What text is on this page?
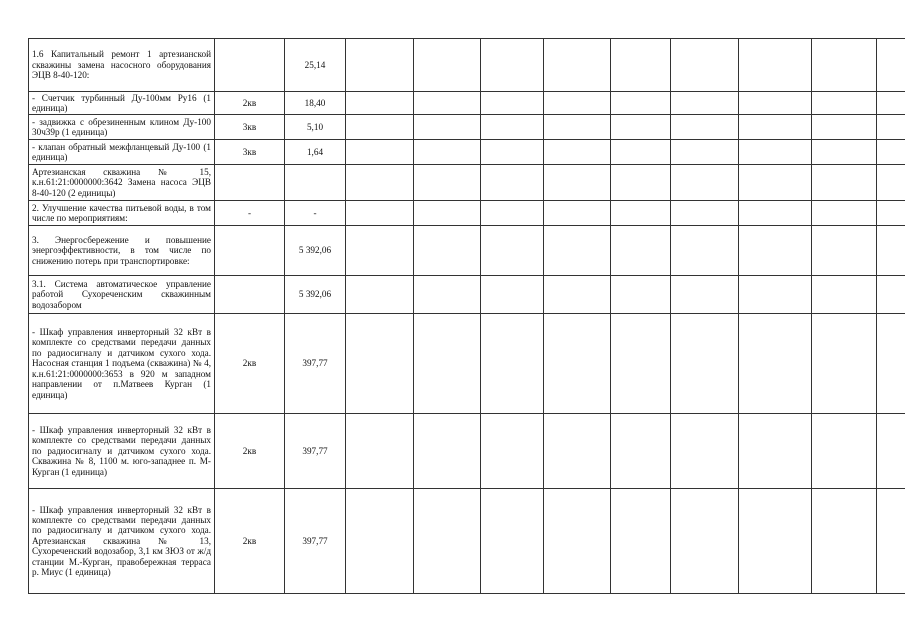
1.6 Капитальный ремонт 1 артезианской скважины замена насосного оборудования ЭЦВ 8-40-120:		25,14									
- Счетчик турбинный Ду-100мм Ру16 (1 единица)	2кв	18,40									
- задвижка с обрезиненным клином Ду-100 30ч39р (1 единица)	3кв	5,10									
- клапан обратный межфланцевый Ду-100 (1 единица)	3кв	1,64									
Артезианская скважина № 15, к.н.61:21:0000000:3642 Замена насоса ЭЦВ 8-40-120 (2 единицы)											
2. Улучшение качества питьевой воды, в том числе по мероприятиям:	-	-									
3. Энергосбережение и повышение энергоэффективности, в том числе по снижению потерь при транспортировке:		5 392,06									
3.1. Система автоматическое управление работой Сухореченским скважинным водозабором		5 392,06									
- Шкаф управления инверторный 32 кВт в комплекте со средствами передачи данных по радиосигналу и датчиком сухого хода. Насосная станция 1 подъема (скважина) № 4, к.н.61:21:0000000:3653 в 920 м западном направлении от п.Матвеев Курган (1 единица)	2кв	397,77									
- Шкаф управления инверторный 32 кВт в комплекте со средствами передачи данных по радиосигналу и датчиком сухого хода. Скважина № 8, 1100 м. юго-западнее п. М-Курган (1 единица)	2кв	397,77									
- Шкаф управления инверторный 32 кВт в комплекте со средствами передачи данных по радиосигналу и датчиком сухого хода. Артезианская скважина № 13, Сухореченский водозабор, 3,1 км ЗЮЗ от ж/д станции М.-Курган, правобережная терраса р. Миус (1 единица)	2кв	397,77									
